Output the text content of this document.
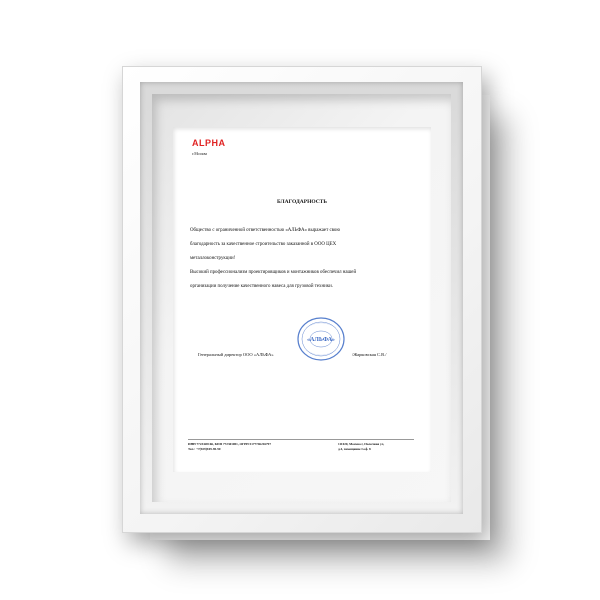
ALPHA
г.Москва
БЛАГОДАРНОСТЬ

Общество с ограниченной ответственностью «АЛЬФА» выражает свою

благодарность за качественное строительство заказанной в ООО ЦЕХ

металлоконструкции!

Высокий профессионализм проектировщиков и монтажников обеспечил нашей

организации получение качественного навеса для грузовой техники.

«АЛЬФА»
Генеральный директор ООО «АЛЬФА»	/Жарковская С.В./
ИНН 7723420166, КПП 772301001, ОГРН 5177746216797
Тел.: +7(929)949-90-90
111020, Москва г, Палочная ул,
д.4, помещение I оф. 8
